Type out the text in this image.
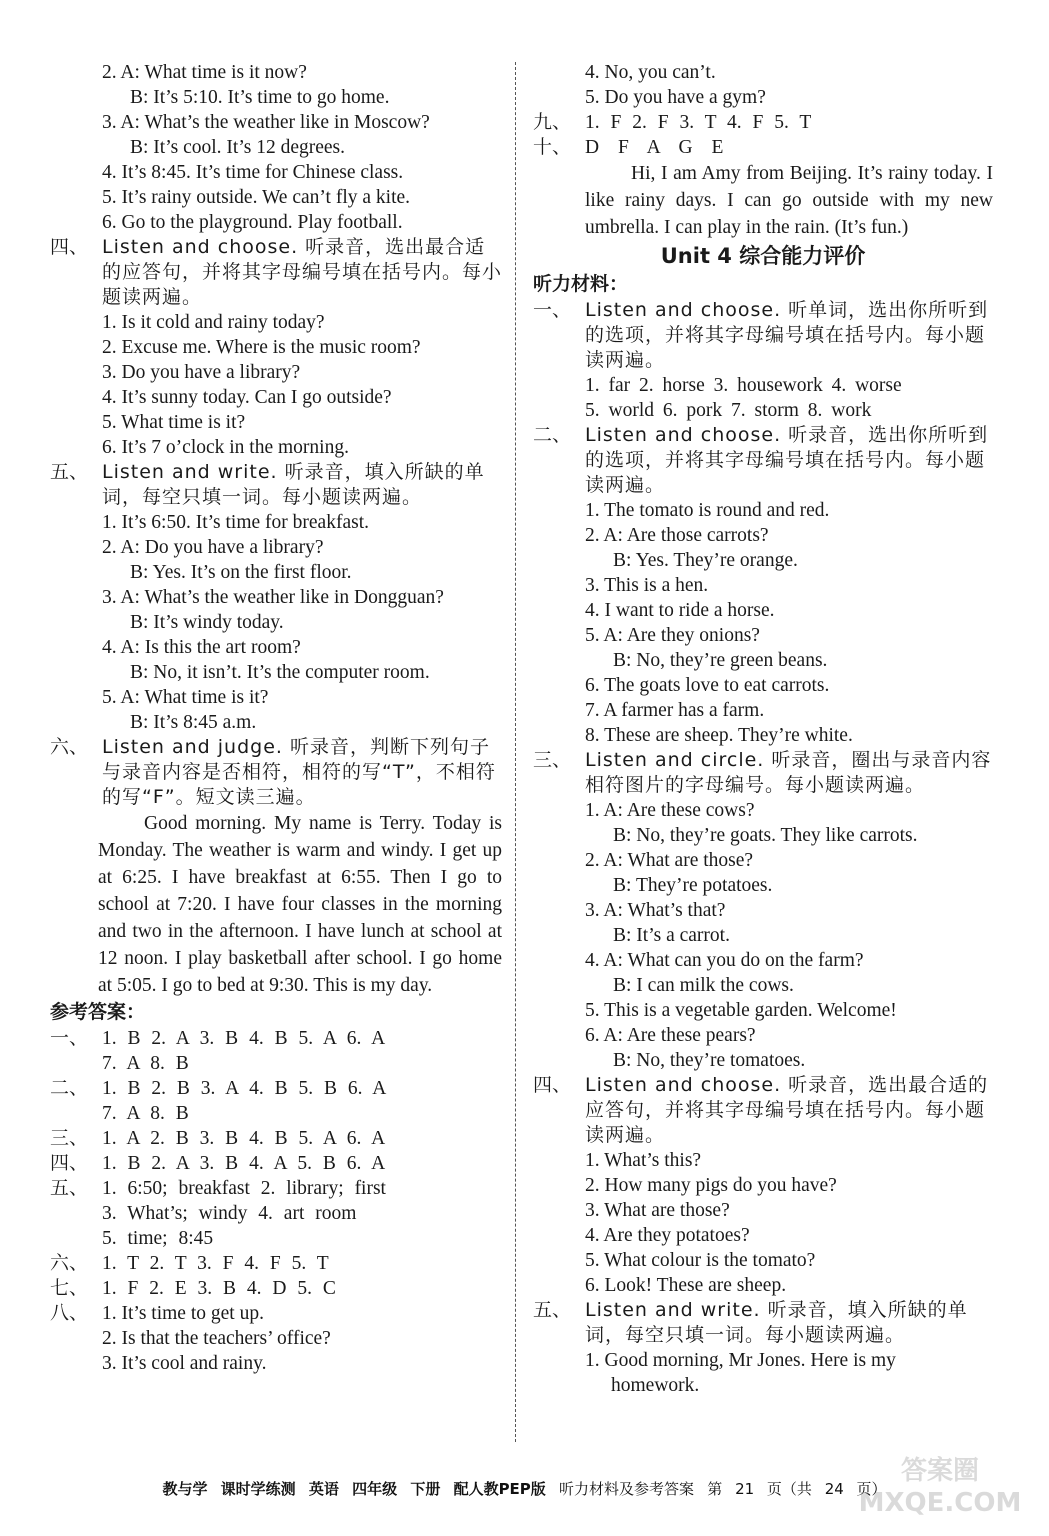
2. A: What time is it now?
B: It’s 5:10. It’s time to go home.
3. A: What’s the weather like in Moscow?
B: It’s cool. It’s 12 degrees.
4. It’s 8:45. It’s time for Chinese class.
5. It’s rainy outside. We can’t fly a kite.
6. Go to the playground. Play football.
四、 Listen and choose. 听录音，选出最合适的应答句，并将其字母编号填在括号内。每小题读两遍。
1. Is it cold and rainy today?
2. Excuse me. Where is the music room?
3. Do you have a library?
4. It’s sunny today. Can I go outside?
5. What time is it?
6. It’s 7 o’clock in the morning.
五、 Listen and write. 听录音，填入所缺的单词，每空只填一词。每小题读两遍。
1. It’s 6:50. It’s time for breakfast.
2. A: Do you have a library?
B: Yes. It’s on the first floor.
3. A: What’s the weather like in Dongguan?
B: It’s windy today.
4. A: Is this the art room?
B: No, it isn’t. It’s the computer room.
5. A: What time is it?
B: It’s 8:45 a.m.
六、 Listen and judge. 听录音，判断下列句子与录音内容是否相符，相符的写“T”，不相符的写“F”。短文读三遍。
Good morning. My name is Terry. Today is Monday. The weather is warm and windy. I get up at 6:25. I have breakfast at 6:55. Then I go to school at 7:20. I have four classes in the morning and two in the afternoon. I have lunch at school at 12 noon. I play basketball after school. I go home at 5:05. I go to bed at 9:30. This is my day.
参考答案：
一、 1. B 2. A 3. B 4. B 5. A 6. A
7. A 8. B
二、 1. B 2. B 3. A 4. B 5. B 6. A
7. A 8. B
三、 1. A 2. B 3. B 4. B 5. A 6. A
四、 1. B 2. A 3. B 4. A 5. B 6. A
五、 1. 6:50; breakfast 2. library; first
3. What’s; windy 4. art room
5. time; 8:45
六、 1. T 2. T 3. F 4. F 5. T
七、 1. F 2. E 3. B 4. D 5. C
八、 1. It’s time to get up.
2. Is that the teachers’ office?
3. It’s cool and rainy.
4. No, you can’t.
5. Do you have a gym?
九、 1. F 2. F 3. T 4. F 5. T
十、 D F A G E
Hi, I am Amy from Beijing. It’s rainy today. I like rainy days. I can go outside with my new umbrella. I can play in the rain. (It’s fun.)
Unit 4 综合能力评价
听力材料：
一、 Listen and choose. 听单词，选出你所听到的选项，并将其字母编号填在括号内。每小题读两遍。
1. far 2. horse 3. housework 4. worse
5. world 6. pork 7. storm 8. work
二、 Listen and choose. 听录音，选出你所听到的选项，并将其字母编号填在括号内。每小题读两遍。
1. The tomato is round and red.
2. A: Are those carrots?
B: Yes. They’re orange.
3. This is a hen.
4. I want to ride a horse.
5. A: Are they onions?
B: No, they’re green beans.
6. The goats love to eat carrots.
7. A farmer has a farm.
8. These are sheep. They’re white.
三、 Listen and circle. 听录音，圈出与录音内容相符图片的字母编号。每小题读两遍。
1. A: Are these cows?
B: No, they’re goats. They like carrots.
2. A: What are those?
B: They’re potatoes.
3. A: What’s that?
B: It’s a carrot.
4. A: What can you do on the farm?
B: I can milk the cows.
5. This is a vegetable garden. Welcome!
6. A: Are these pears?
B: No, they’re tomatoes.
四、 Listen and choose. 听录音，选出最合适的应答句，并将其字母编号填在括号内。每小题读两遍。
1. What’s this?
2. How many pigs do you have?
3. What are those?
4. Are they potatoes?
5. What colour is the tomato?
6. Look! These are sheep.
五、 Listen and write. 听录音，填入所缺的单词，每空只填一词。每小题读两遍。
1. Good morning, Mr Jones. Here is my
homework.
教与学 课时学练测 英语 四年级 下册 配人教PEP版 听力材料及参考答案 第 21 页（共 24 页）
答案圈 MXQE.COM
